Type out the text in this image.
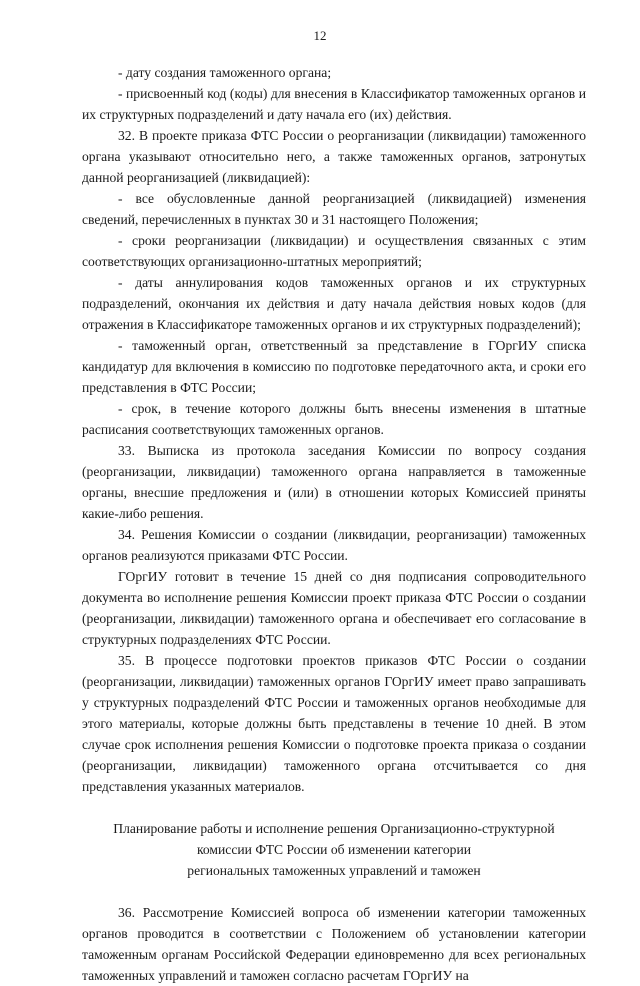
12

- дату создания таможенного органа;

- присвоенный код (коды) для внесения в Классификатор таможенных органов и их структурных подразделений и дату начала его (их) действия.

32. В проекте приказа ФТС России о реорганизации (ликвидации) таможенного органа указывают относительно него, а также таможенных органов, затронутых данной реорганизацией (ликвидацией):

- все обусловленные данной реорганизацией (ликвидацией) изменения сведений, перечисленных в пунктах 30 и 31 настоящего Положения;

- сроки реорганизации (ликвидации) и осуществления связанных с этим соответствующих организационно-штатных мероприятий;

- даты аннулирования кодов таможенных органов и их структурных подразделений, окончания их действия и дату начала действия новых кодов (для отражения в Классификаторе таможенных органов и их структурных подразделений);

- таможенный орган, ответственный за представление в ГОргИУ списка кандидатур для включения в комиссию по подготовке передаточного акта, и сроки его представления в ФТС России;

- срок, в течение которого должны быть внесены изменения в штатные расписания соответствующих таможенных органов.

33. Выписка из протокола заседания Комиссии по вопросу создания (реорганизации, ликвидации) таможенного органа направляется в таможенные органы, внесшие предложения и (или) в отношении которых Комиссией приняты какие-либо решения.

34. Решения Комиссии о создании (ликвидации, реорганизации) таможенных органов реализуются приказами ФТС России.

ГОргИУ готовит в течение 15 дней со дня подписания сопроводительного документа во исполнение решения Комиссии проект приказа ФТС России о создании (реорганизации, ликвидации) таможенного органа и обеспечивает его согласование в структурных подразделениях ФТС России.

35. В процессе подготовки проектов приказов ФТС России о создании (реорганизации, ликвидации) таможенных органов ГОргИУ имеет право запрашивать у структурных подразделений ФТС России и таможенных органов необходимые для этого материалы, которые должны быть представлены в течение 10 дней. В этом случае срок исполнения решения Комиссии о подготовке проекта приказа о создании (реорганизации, ликвидации) таможенного органа отсчитывается со дня представления указанных материалов.

Планирование работы и исполнение решения Организационно-структурной

комиссии ФТС России об изменении категории

региональных таможенных управлений и таможен

36. Рассмотрение Комиссией вопроса об изменении категории таможенных органов проводится в соответствии с Положением об установлении категории таможенным органам Российской Федерации единовременно для всех региональных таможенных управлений и таможен согласно расчетам ГОргИУ на
